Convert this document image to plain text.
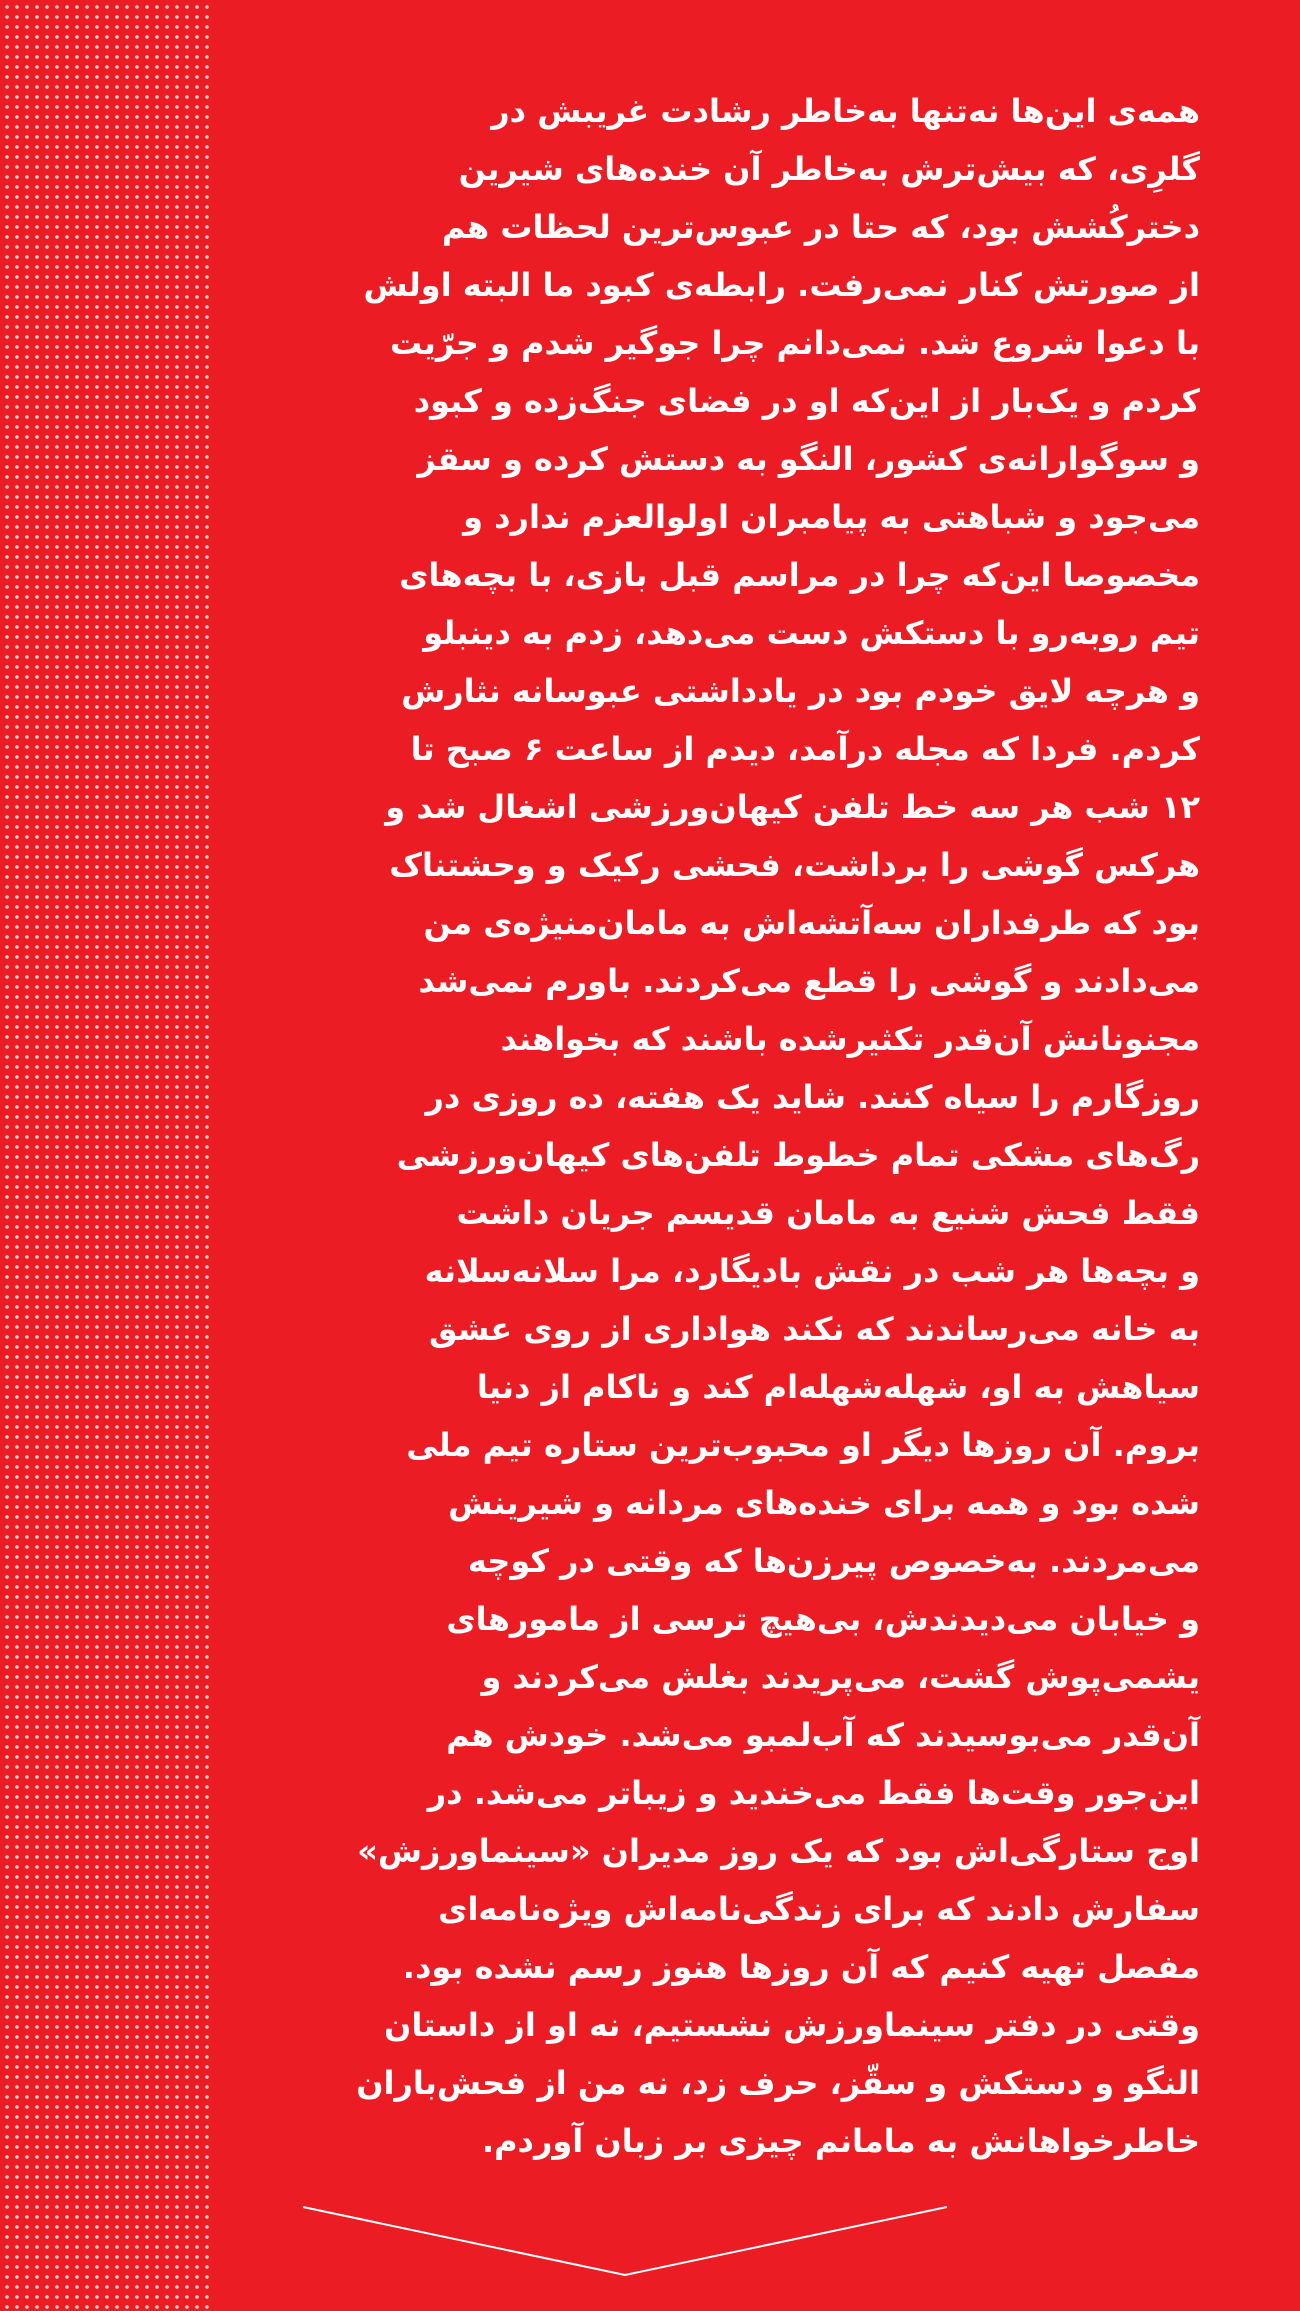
همه‌ی این‌ها نه‌تنها به‌خاطر رشادت غریبش در
گلرِی، که بیش‌ترش به‌خاطر آن خنده‌های شیرین
دخترکُشش بود، که حتا در عبوس‌ترین لحظات هم
از صورتش کنار نمی‌رفت. رابطه‌ی کبود ما البته اولش
با دعوا شروع شد. نمی‌دانم چرا جوگیر شدم و جرّیت
کردم و یک‌بار از این‌که او در فضای جنگ‌زده و کبود
و سوگوارانه‌ی کشور، النگو به دستش کرده و سقز
می‌جود و شباهتی به پیامبران اولوالعزم ندارد و
مخصوصا این‌که چرا در مراسم قبل بازی، با بچه‌های
تیم روبه‌رو با دستکش دست می‌دهد، زدم به دینبلو
و هرچه لایق خودم بود در یادداشتی عبوسانه نثارش
کردم. فردا که مجله درآمد، دیدم از ساعت ۶ صبح تا
۱۲ شب هر سه خط تلفن کیهان‌ورزشی اشغال شد و
هرکس گوشی را برداشت، فحشی رکیک و وحشتناک
بود که طرفداران سه‌آتشه‌اش به ماما‌ن‌منیژه‌ی من
می‌دادند و گوشی را قطع می‌کردند. باورم نمی‌شد
مجنونانش آن‌قدر تکثیرشده باشند که بخواهند
روزگارم را سیاه کنند. شاید یک هفته، ده روزی در
رگ‌های مشکی تمام خطوط تلفن‌های کیهان‌ورزشی
فقط فحش شنیع به ماما‌ن قدیسم جریان داشت
و بچه‌ها هر شب در نقش بادیگارد، مرا سلانه‌سلانه
به خانه می‌رساندند که نکند هواداری از روی عشق
سیاهش به او، شهله‌شهله‌ام کند و ناکام از دنیا
بروم. آن روزها دیگر او محبوب‌ترین ستاره تیم ملی
شده بود و همه برای خنده‌های مردانه و شیرینش
می‌مردند. به‌خصوص پیرزن‌ها که وقتی در کوچه
و خیابان می‌دیدندش، بی‌هیچ ترسی از مامورهای
یشمی‌پوش گشت، می‌پریدند بغلش می‌کردند و
آن‌قدر می‌بوسیدند که آب‌لمبو می‌شد. خودش هم
این‌جور وقت‌ها فقط می‌خندید و زیباتر می‌شد. در
اوج ستارگی‌اش بود که یک روز مدیران «سینماورزش»
سفارش دادند که برای زندگی‌نامه‌اش ویژه‌نامه‌ای
مفصل تهیه کنیم که آن روزها هنوز رسم نشده بود.
وقتی در دفتر سینماورزش نشستیم، نه او از داستان
النگو و دستکش و سقّز، حرف زد، نه من از فحش‌باران
خاطرخواهانش به مامانم چیزی بر زبان آوردم.
